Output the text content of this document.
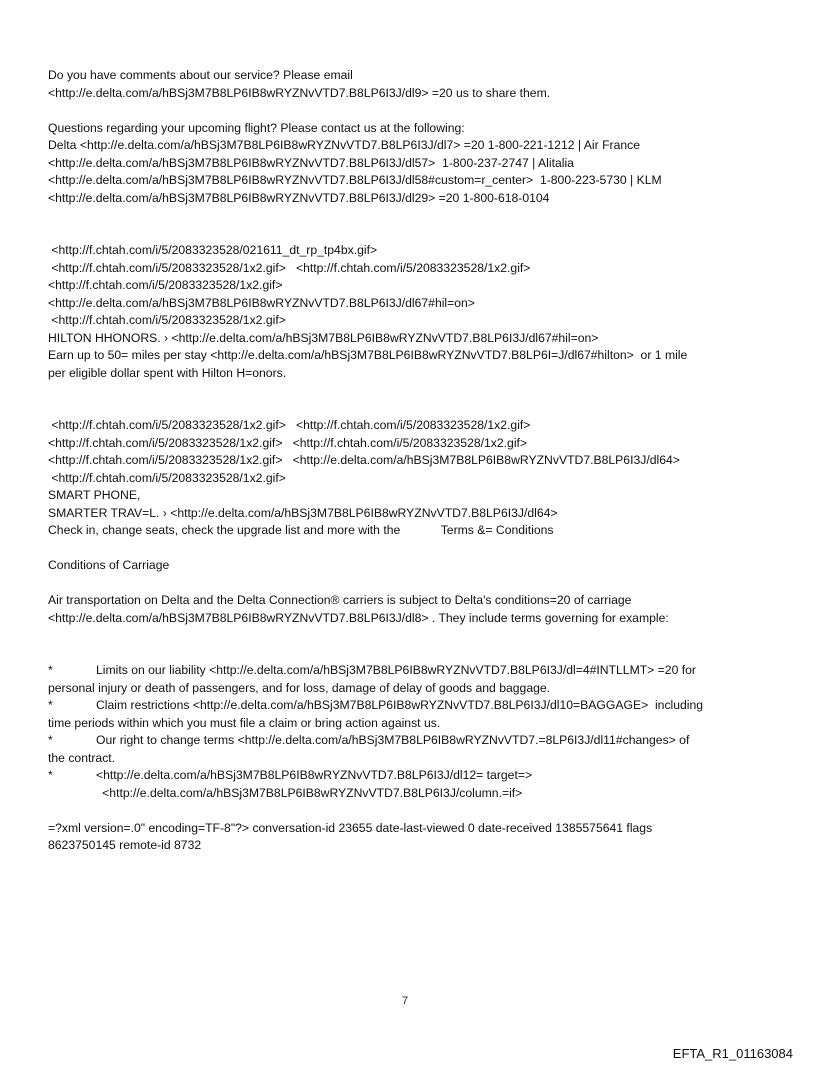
Do you have comments about our service? Please email
<http://e.delta.com/a/hBSj3M7B8LP6IB8wRYZNvVTD7.B8LP6I3J/dl9> =20 us to share them.
Questions regarding your upcoming flight? Please contact us at the following:
Delta <http://e.delta.com/a/hBSj3M7B8LP6IB8wRYZNvVTD7.B8LP6I3J/dl7> =20 1-800-221-1212 | Air France
<http://e.delta.com/a/hBSj3M7B8LP6IB8wRYZNvVTD7.B8LP6I3J/dl57>  1-800-237-2747 | Alitalia
<http://e.delta.com/a/hBSj3M7B8LP6IB8wRYZNvVTD7.B8LP6I3J/dl58#custom=r_center>  1-800-223-5730 | KLM
<http://e.delta.com/a/hBSj3M7B8LP6IB8wRYZNvVTD7.B8LP6I3J/dl29> =20 1-800-618-0104
<http://f.chtah.com/i/5/2083323528/021611_dt_rp_tp4bx.gif>
<http://f.chtah.com/i/5/2083323528/1x2.gif>   <http://f.chtah.com/i/5/2083323528/1x2.gif>
<http://f.chtah.com/i/5/2083323528/1x2.gif>
<http://e.delta.com/a/hBSj3M7B8LP6IB8wRYZNvVTD7.B8LP6I3J/dl67#hil=on>
<http://f.chtah.com/i/5/2083323528/1x2.gif>
HILTON HHONORS. › <http://e.delta.com/a/hBSj3M7B8LP6IB8wRYZNvVTD7.B8LP6I3J/dl67#hil=on>
Earn up to 50= miles per stay <http://e.delta.com/a/hBSj3M7B8LP6IB8wRYZNvVTD7.B8LP6I=J/dl67#hilton>  or 1 mile
per eligible dollar spent with Hilton H=onors.
<http://f.chtah.com/i/5/2083323528/1x2.gif>   <http://f.chtah.com/i/5/2083323528/1x2.gif>
<http://f.chtah.com/i/5/2083323528/1x2.gif>   <http://f.chtah.com/i/5/2083323528/1x2.gif>
<http://f.chtah.com/i/5/2083323528/1x2.gif>   <http://e.delta.com/a/hBSj3M7B8LP6IB8wRYZNvVTD7.B8LP6I3J/dl64>
<http://f.chtah.com/i/5/2083323528/1x2.gif>
SMART PHONE,
SMARTER TRAV=L. › <http://e.delta.com/a/hBSj3M7B8LP6IB8wRYZNvVTD7.B8LP6I3J/dl64>
Check in, change seats, check the upgrade list and more with the            Terms &= Conditions
Conditions of Carriage
Air transportation on Delta and the Delta Connection® carriers is subject to Delta's conditions=20 of carriage
<http://e.delta.com/a/hBSj3M7B8LP6IB8wRYZNvVTD7.B8LP6I3J/dl8> . They include terms governing for example:
*	Limits on our liability <http://e.delta.com/a/hBSj3M7B8LP6IB8wRYZNvVTD7.B8LP6I3J/dl=4#INTLLMT> =20 for
personal injury or death of passengers, and for loss, damage of delay of goods and baggage.
*	Claim restrictions <http://e.delta.com/a/hBSj3M7B8LP6IB8wRYZNvVTD7.B8LP6I3J/dl10=BAGGAGE>  including
time periods within which you must file a claim or bring action against us.
*	Our right to change terms <http://e.delta.com/a/hBSj3M7B8LP6IB8wRYZNvVTD7.=8LP6I3J/dl11#changes> of
the contract.
*	<http://e.delta.com/a/hBSj3M7B8LP6IB8wRYZNvVTD7.B8LP6I3J/dl12= target=>
<http://e.delta.com/a/hBSj3M7B8LP6IB8wRYZNvVTD7.B8LP6I3J/column.=if>
=?xml version=.0" encoding=TF-8"?> conversation-id 23655 date-last-viewed 0 date-received 1385575641 flags
8623750145 remote-id 8732
7
EFTA_R1_01163084
